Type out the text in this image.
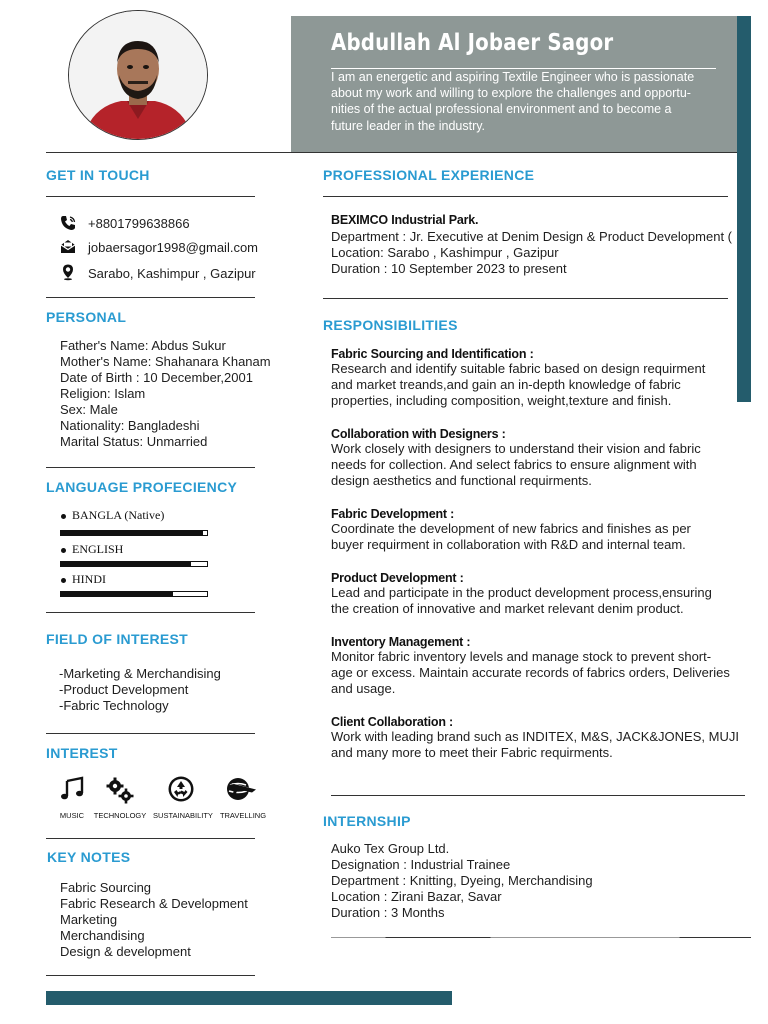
Abdullah Al Jobaer Sagor
I am an energetic and aspiring Textile Engineer who is passionate
about my work and willing to explore the challenges and opportu-
nities of the actual professional environment and to become a
future leader in the industry.
GET IN TOUCH
+8801799638866
jobaersagor1998@gmail.com
Sarabo, Kashimpur , Gazipur
PERSONAL
Father's Name: Abdus Sukur
Mother's Name: Shahanara Khanam
Date of Birth : 10 December,2001
Religion: Islam
Sex: Male
Nationality: Bangladeshi
Marital Status: Unmarried
LANGUAGE PROFECIENCY
BANGLA (Native)
ENGLISH
HINDI
FIELD OF INTEREST
-Marketing & Merchandising
-Product Development
-Fabric Technology
INTEREST
MUSIC TECHNOLOGY SUSTAINABILITY TRAVELLING
KEY NOTES
Fabric Sourcing
Fabric Research & Development
Marketing
Merchandising
Design & development
PROFESSIONAL EXPERIENCE
BEXIMCO Industrial Park.
Department : Jr. Executive at Denim Design & Product Development (
Location: Sarabo , Kashimpur , Gazipur
Duration : 10 September 2023 to present
RESPONSIBILITIES
Fabric Sourcing and Identification :
Research and identify suitable fabric based on design requirment
and market treands,and gain an in-depth knowledge of fabric
properties, including composition, weight,texture and finish.
Collaboration with Designers :
Work closely with designers to understand their vision and fabric
needs for collection. And select fabrics to ensure alignment with
design aesthetics and functional requirments.
Fabric Development :
Coordinate the development of new fabrics and finishes as per
buyer requirment in collaboration with R&D and internal team.
Product Development :
Lead and participate in the product development process,ensuring
the creation of innovative and market relevant denim product.
Inventory Management :
Monitor fabric inventory levels and manage stock to prevent short-
age or excess. Maintain accurate records of fabrics orders, Deliveries
and usage.
Client Collaboration :
Work with leading brand such as INDITEX, M&S, JACK&JONES, MUJI
and many more to meet their Fabric requirments.
INTERNSHIP
Auko Tex Group Ltd.
Designation : Industrial Trainee
Department : Knitting, Dyeing, Merchandising
Location : Zirani Bazar, Savar
Duration : 3 Months
